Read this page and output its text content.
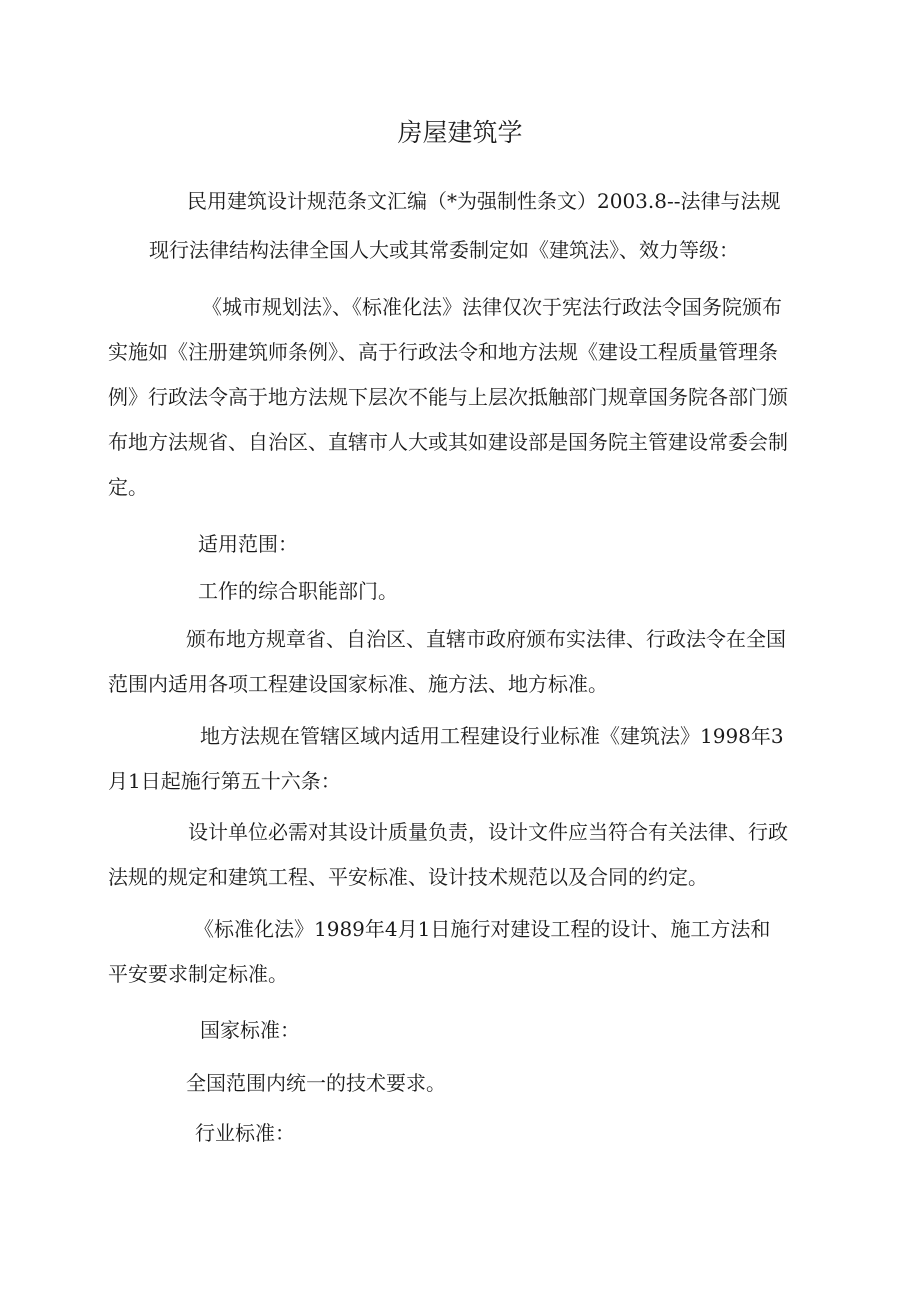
房屋建筑学

民用建筑设计规范条文汇编（*为强制性条文）2003.8--法律与法规

现行法律结构法律全国人大或其常委制定如《建筑法》、效力等级：

《城市规划法》、《标准化法》法律仅次于宪法行政法令国务院颁布实施如《注册建筑师条例》、高于行政法令和地方法规《建设工程质量管理条例》行政法令高于地方法规下层次不能与上层次抵触部门规章国务院各部门颁布地方法规省、自治区、直辖市人大或其如建设部是国务院主管建设常委会制定。

适用范围：

工作的综合职能部门。

颁布地方规章省、自治区、直辖市政府颁布实法律、行政法令在全国范围内适用各项工程建设国家标准、施方法、地方标准。

地方法规在管辖区域内适用工程建设行业标准《建筑法》1998年3月1日起施行第五十六条：

设计单位必需对其设计质量负责，设计文件应当符合有关法律、行政法规的规定和建筑工程、平安标准、设计技术规范以及合同的约定。

《标准化法》1989年4月1日施行对建设工程的设计、施工方法和平安要求制定标准。

国家标准：

全国范围内统一的技术要求。

行业标准：
